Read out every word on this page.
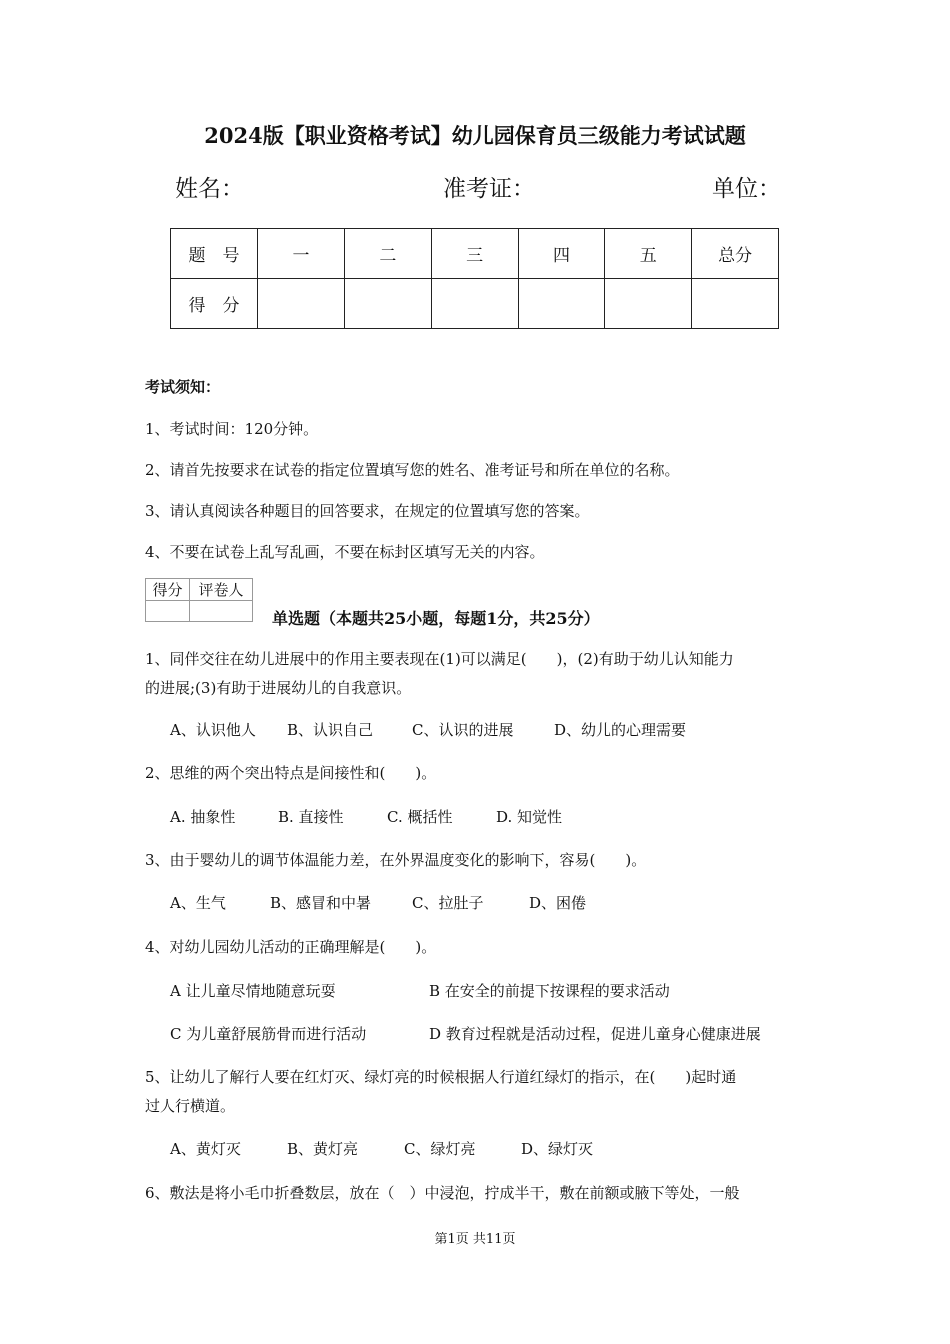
2024版【职业资格考试】幼儿园保育员三级能力考试试题
姓名：	准考证：	单位：
题　号	一	二	三	四	五	总分
得　分						
考试须知：
1、考试时间：120分钟。
2、请首先按要求在试卷的指定位置填写您的姓名、准考证号和所在单位的名称。
3、请认真阅读各种题目的回答要求，在规定的位置填写您的答案。
4、不要在试卷上乱写乱画，不要在标封区填写无关的内容。
得分	评卷人

单选题（本题共25小题，每题1分，共25分）
1、同伴交往在幼儿进展中的作用主要表现在(1)可以满足(　　)，(2)有助于幼儿认知能力
的进展;(3)有助于进展幼儿的自我意识。
A、认识他人 B、认识自己	C、认识的进展	D、幼儿的心理需要
2、思维的两个突出特点是间接性和(　　)。
A. 抽象性	B. 直接性	C. 概括性	D. 知觉性
3、由于婴幼儿的调节体温能力差，在外界温度变化的影响下，容易(　　)。
A、生气	B、感冒和中暑	C、拉肚子	D、困倦
4、对幼儿园幼儿活动的正确理解是(　　)。
A 让儿童尽情地随意玩耍	B 在安全的前提下按课程的要求活动
C 为儿童舒展筋骨而进行活动	D 教育过程就是活动过程，促进儿童身心健康进展
5、让幼儿了解行人要在红灯灭、绿灯亮的时候根据人行道红绿灯的指示，在(　　)起时通
过人行横道。
A、黄灯灭	B、黄灯亮	C、绿灯亮	D、绿灯灭
6、敷法是将小毛巾折叠数层，放在（　）中浸泡，拧成半干，敷在前额或腋下等处，一般
第1页 共11页
